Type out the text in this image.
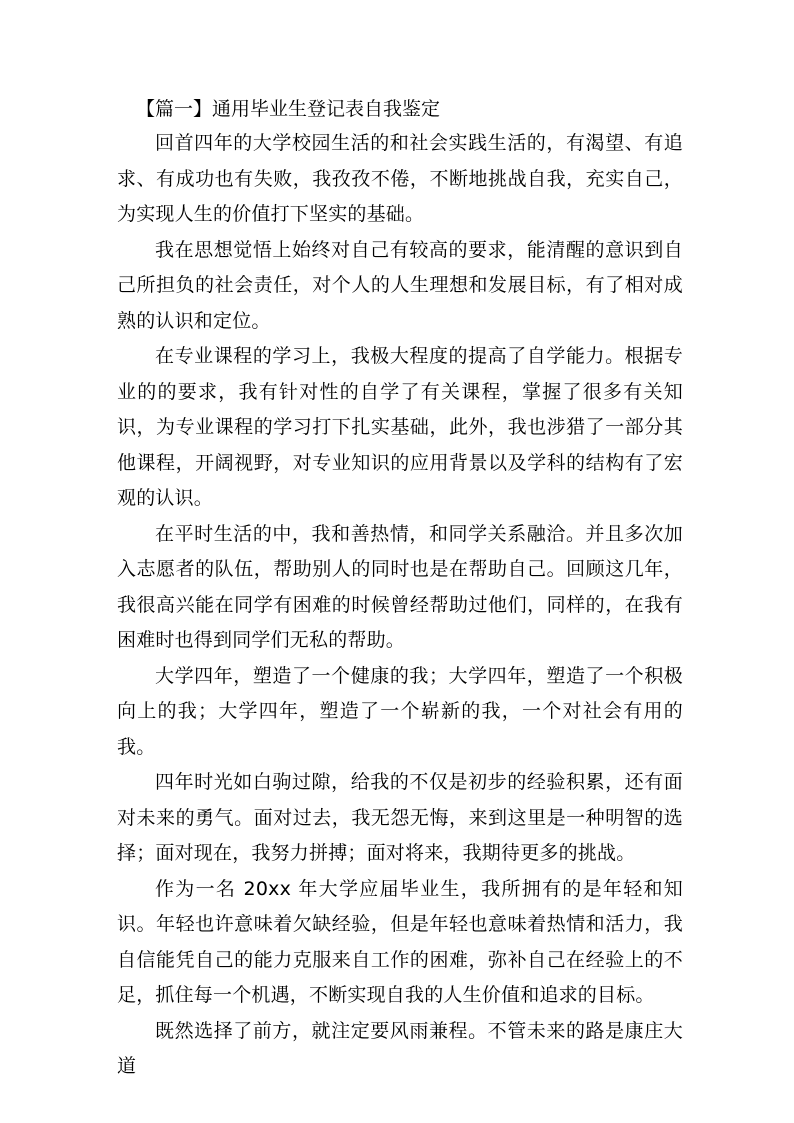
【篇一】通用毕业生登记表自我鉴定

回首四年的大学校园生活的和社会实践生活的，有渴望、有追求、有成功也有失败，我孜孜不倦，不断地挑战自我，充实自己，为实现人生的价值打下坚实的基础。

我在思想觉悟上始终对自己有较高的要求，能清醒的意识到自己所担负的社会责任，对个人的人生理想和发展目标，有了相对成熟的认识和定位。

在专业课程的学习上，我极大程度的提高了自学能力。根据专业的的要求，我有针对性的自学了有关课程，掌握了很多有关知识，为专业课程的学习打下扎实基础，此外，我也涉猎了一部分其他课程，开阔视野，对专业知识的应用背景以及学科的结构有了宏观的认识。

在平时生活的中，我和善热情，和同学关系融洽。并且多次加入志愿者的队伍，帮助别人的同时也是在帮助自己。回顾这几年，我很高兴能在同学有困难的时候曾经帮助过他们，同样的，在我有困难时也得到同学们无私的帮助。

大学四年，塑造了一个健康的我；大学四年，塑造了一个积极向上的我；大学四年，塑造了一个崭新的我，一个对社会有用的我。

四年时光如白驹过隙，给我的不仅是初步的经验积累，还有面对未来的勇气。面对过去，我无怨无悔，来到这里是一种明智的选择；面对现在，我努力拼搏；面对将来，我期待更多的挑战。

作为一名 20xx 年大学应届毕业生，我所拥有的是年轻和知识。年轻也许意味着欠缺经验，但是年轻也意味着热情和活力，我自信能凭自己的能力克服来自工作的困难，弥补自己在经验上的不足，抓住每一个机遇，不断实现自我的人生价值和追求的目标。

既然选择了前方，就注定要风雨兼程。不管未来的路是康庄大道
